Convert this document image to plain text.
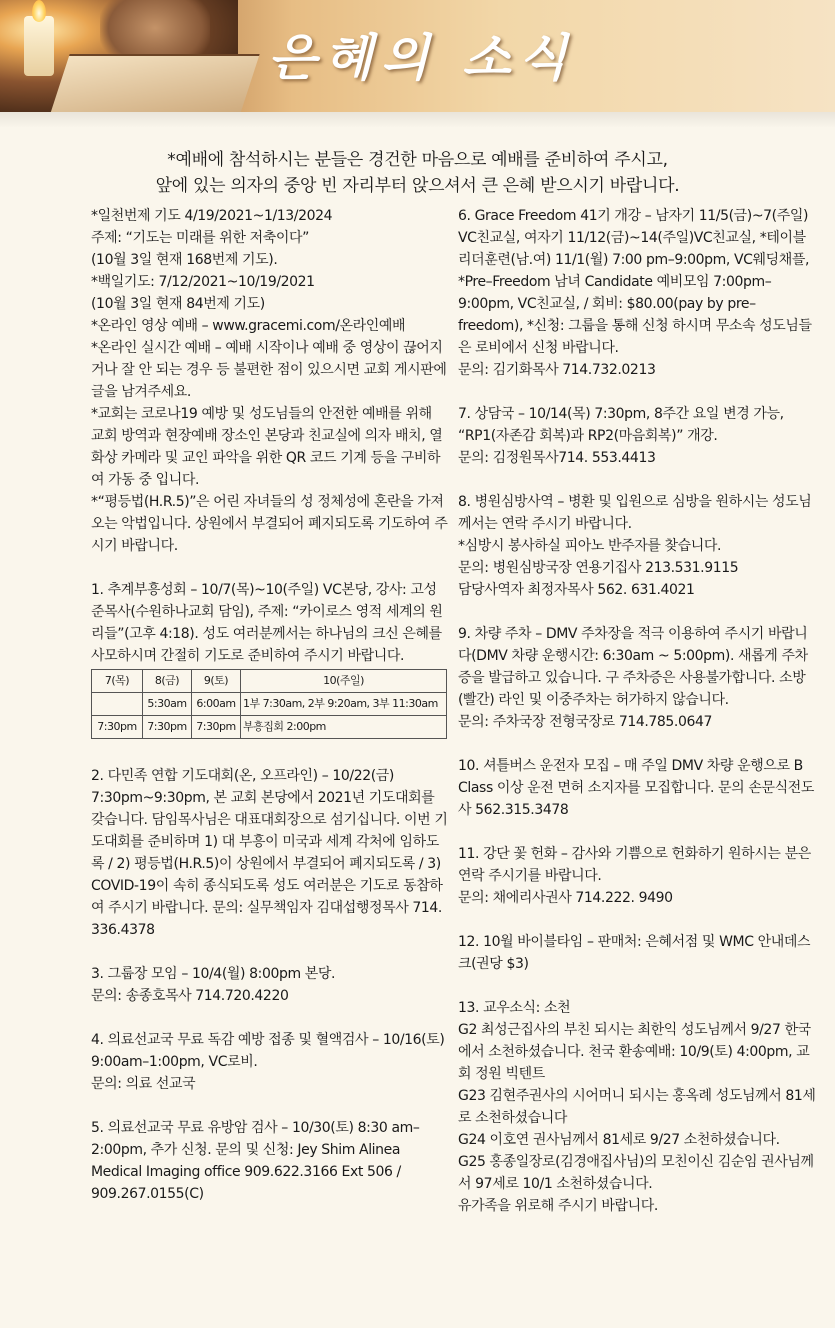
은혜의 소식
*예배에 참석하시는 분들은 경건한 마음으로 예배를 준비하여 주시고,
앞에 있는 의자의 중앙 빈 자리부터 앉으셔서 큰 은혜 받으시기 바랍니다.

*일천번제 기도 4/19/2021~1/13/2024
주제: “기도는 미래를 위한 저축이다”
(10월 3일 현재 168번제 기도).

*백일기도: 7/12/2021~10/19/2021
(10월 3일 현재 84번제 기도)

*온라인 영상 예배 – www.gracemi.com/온라인예배

*온라인 실시간 예배 – 예배 시작이나 예배 중 영상이 끊어지거나 잘 안 되는 경우 등 불편한 점이 있으시면 교회 게시판에 글을 남겨주세요.

*교회는 코로나19 예방 및 성도님들의 안전한 예배를 위해 교회 방역과 현장예배 장소인 본당과 친교실에 의자 배치, 열 화상 카메라 및 교인 파악을 위한 QR 코드 기계 등을 구비하여 가동 중 입니다.

*“평등법(H.R.5)”은 어린 자녀들의 성 정체성에 혼란을 가져오는 악법입니다. 상원에서 부결되어 폐지되도록 기도하여 주시기 바랍니다.

1. 추계부흥성회 – 10/7(목)~10(주일) VC본당, 강사: 고성준목사(수원하나교회 담임), 주제: “카이로스 영적 세계의 원리들”(고후 4:18). 성도 여러분께서는 하나님의 크신 은혜를 사모하시며 간절히 기도로 준비하여 주시기 바랍니다.

7(목)	8(금)	9(토)	10(주일)
	5:30am	6:00am	1부 7:30am, 2부 9:20am, 3부 11:30am
7:30pm	7:30pm	7:30pm	부흥집회 2:00pm

2. 다민족 연합 기도대회(온, 오프라인) – 10/22(금) 7:30pm~9:30pm, 본 교회 본당에서 2021년 기도대회를 갖습니다. 담임목사님은 대표대회장으로 섬기십니다. 이번 기도대회를 준비하며 1) 대 부흥이 미국과 세계 각처에 임하도록 / 2) 평등법(H.R.5)이 상원에서 부결되어 폐지되도록 / 3) COVID-19이 속히 종식되도록 성도 여러분은 기도로 동참하여 주시기 바랍니다. 문의: 실무책임자 김대섭행정목사 714. 336.4378

3. 그룹장 모임 – 10/4(월) 8:00pm 본당.
문의: 송종호목사 714.720.4220

4. 의료선교국 무료 독감 예방 접종 및 혈액검사 – 10/16(토) 9:00am–1:00pm, VC로비.
문의: 의료 선교국

5. 의료선교국 무료 유방암 검사 – 10/30(토) 8:30 am–2:00pm, 추가 신청. 문의 및 신청: Jey Shim Alinea Medical Imaging office 909.622.3166 Ext 506 / 909.267.0155(C)

6. Grace Freedom 41기 개강 – 남자기 11/5(금)~7(주일) VC친교실, 여자기 11/12(금)~14(주일)VC친교실, *테이블 리더훈련(남.여) 11/1(월) 7:00 pm–9:00pm, VC웨딩채플, *Pre–Freedom 남녀 Candidate 예비모임 7:00pm–9:00pm, VC친교실, / 회비: $80.00(pay by pre–freedom), *신청: 그룹을 통해 신청 하시며 무소속 성도님들은 로비에서 신청 바랍니다.
문의: 김기화목사 714.732.0213

7. 상담국 – 10/14(목) 7:30pm, 8주간 요일 변경 가능, “RP1(자존감 회복)과 RP2(마음회복)” 개강.
문의: 김정원목사714. 553.4413

8. 병원심방사역 – 병환 및 입원으로 심방을 원하시는 성도님께서는 연락 주시기 바랍니다.
*심방시 봉사하실 피아노 반주자를 찾습니다.
문의: 병원심방국장 연용기집사 213.531.9115
담당사역자 최정자목사 562. 631.4021

9. 차량 주차 – DMV 주차장을 적극 이용하여 주시기 바랍니다(DMV 차량 운행시간: 6:30am ~ 5:00pm). 새롭게 주차증을 발급하고 있습니다. 구 주차증은 사용불가합니다. 소방(빨간) 라인 및 이중주차는 허가하지 않습니다.
문의: 주차국장 전형국장로 714.785.0647

10. 셔틀버스 운전자 모집 – 매 주일 DMV 차량 운행으로 B Class 이상 운전 면허 소지자를 모집합니다. 문의 손문식전도사 562.315.3478

11. 강단 꽃 헌화 – 감사와 기쁨으로 헌화하기 원하시는 분은 연락 주시기를 바랍니다.
문의: 채에리사권사 714.222. 9490

12. 10월 바이블타임 – 판매처: 은혜서점 및 WMC 안내데스크(권당 $3)

13. 교우소식: 소천
G2 최성근집사의 부친 되시는 최한익 성도님께서 9/27 한국에서 소천하셨습니다. 천국 환송예배: 10/9(토) 4:00pm, 교회 정원 빅텐트
G23 김현주권사의 시어머니 되시는 홍옥례 성도님께서 81세로 소천하셨습니다
G24 이호연 권사님께서 81세로 9/27 소천하셨습니다.
G25 홍종일장로(김경애집사님)의 모친이신 김순임 권사님께서 97세로 10/1 소천하셨습니다.
유가족을 위로해 주시기 바랍니다.
